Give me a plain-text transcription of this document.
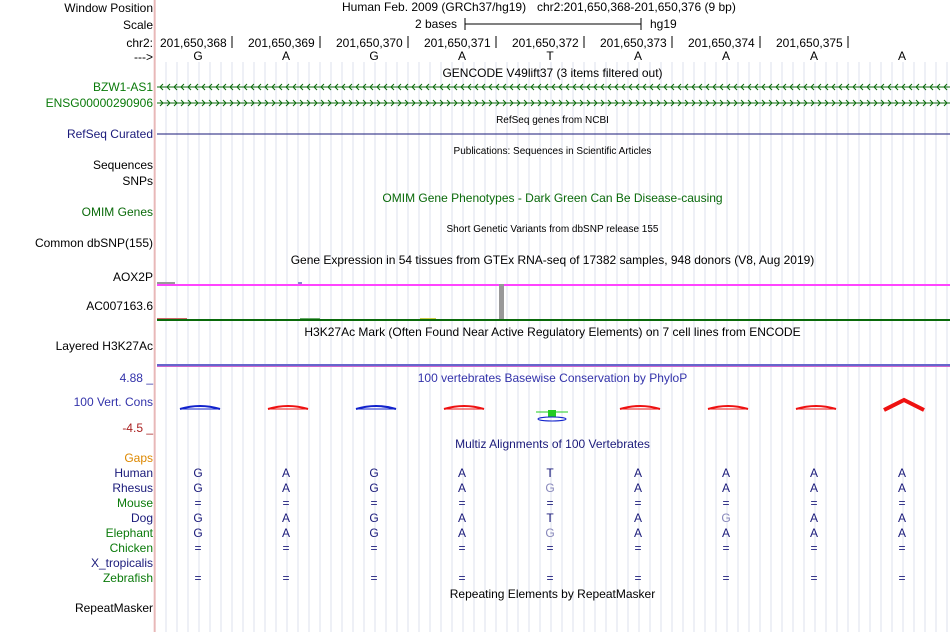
Window Position	Human Feb. 2009 (GRCh37/hg19) chr2:201,650,368-201,650,376 (9 bp)
Scale	2 bases	hg19
chr2: 201,650,368 201,650,369 201,650,370 201,650,371 201,650,372 201,650,373 201,650,374 201,650,375
--->	G	A	G	A	T	A	A	A	A
GENCODE V49lift37 (3 items filtered out)
BZW1-AS1
ENSG00000290906
RefSeq genes from NCBI
RefSeq Curated
Publications: Sequences in Scientific Articles
Sequences
SNPs
OMIM Gene Phenotypes - Dark Green Can Be Disease-causing
OMIM Genes
Short Genetic Variants from dbSNP release 155
Common dbSNP(155)
Gene Expression in 54 tissues from GTEx RNA-seq of 17382 samples, 948 donors (V8, Aug 2019)
AOX2P
AC007163.6
H3K27Ac Mark (Often Found Near Active Regulatory Elements) on 7 cell lines from ENCODE
Layered H3K27Ac
100 vertebrates Basewise Conservation by PhyloP
4.88 _
100 Vert. Cons
-4.5 _
Multiz Alignments of 100 Vertebrates
Gaps
Human	G	A	G	A	T	A	A	A	A
Rhesus	G	A	G	A	G	A	A	A	A
Mouse	=	=	=	=	=	=	=	=	=
Dog	G	A	G	A	T	A	G	A	A
Elephant	G	A	G	A	G	A	A	A	A
Chicken	=	=	=	=	=	=	=	=	=
X_tropicalis
Zebrafish	=	=	=	=	=	=	=	=	=
Repeating Elements by RepeatMasker
RepeatMasker
